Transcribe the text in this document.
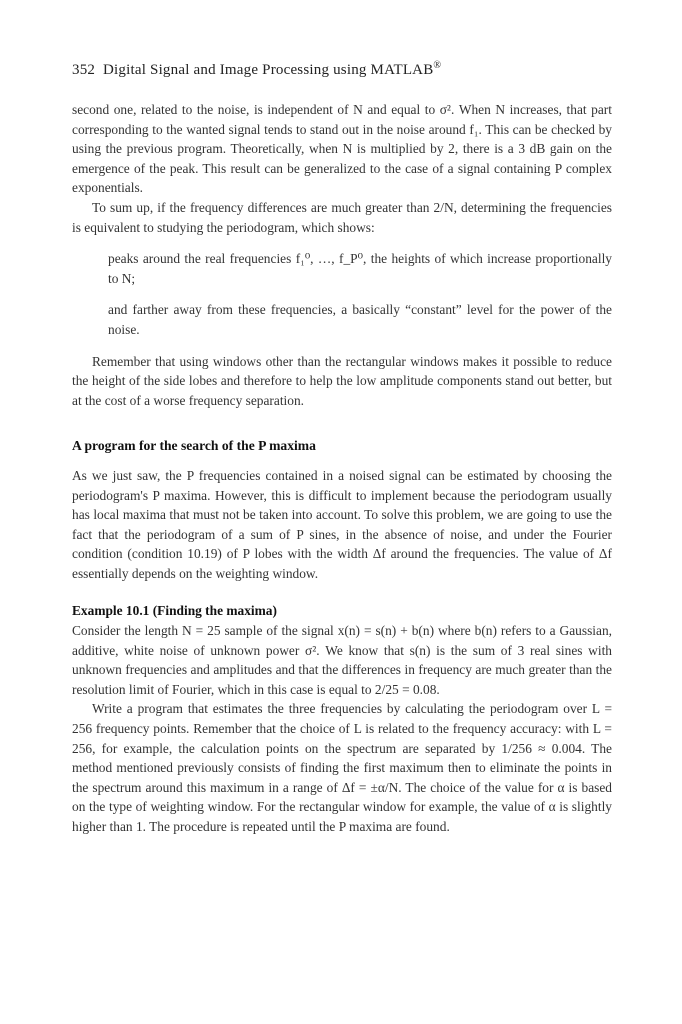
352 Digital Signal and Image Processing using MATLAB®

second one, related to the noise, is independent of N and equal to σ². When N increases, that part corresponding to the wanted signal tends to stand out in the noise around f₁. This can be checked by using the previous program. Theoretically, when N is multiplied by 2, there is a 3 dB gain on the emergence of the peak. This result can be generalized to the case of a signal containing P complex exponentials.

To sum up, if the frequency differences are much greater than 2/N, determining the frequencies is equivalent to studying the periodogram, which shows:

peaks around the real frequencies f₁⁰, …, f_P⁰, the heights of which increase proportionally to N;

and farther away from these frequencies, a basically “constant” level for the power of the noise.

Remember that using windows other than the rectangular windows makes it possible to reduce the height of the side lobes and therefore to help the low amplitude components stand out better, but at the cost of a worse frequency separation.

A program for the search of the P maxima

As we just saw, the P frequencies contained in a noised signal can be estimated by choosing the periodogram's P maxima. However, this is difficult to implement because the periodogram usually has local maxima that must not be taken into account. To solve this problem, we are going to use the fact that the periodogram of a sum of P sines, in the absence of noise, and under the Fourier condition (condition 10.19) of P lobes with the width Δf around the frequencies. The value of Δf essentially depends on the weighting window.

Example 10.1 (Finding the maxima)

Consider the length N = 25 sample of the signal x(n) = s(n) + b(n) where b(n) refers to a Gaussian, additive, white noise of unknown power σ². We know that s(n) is the sum of 3 real sines with unknown frequencies and amplitudes and that the differences in frequency are much greater than the resolution limit of Fourier, which in this case is equal to 2/25 = 0.08.

Write a program that estimates the three frequencies by calculating the periodogram over L = 256 frequency points. Remember that the choice of L is related to the frequency accuracy: with L = 256, for example, the calculation points on the spectrum are separated by 1/256 ≈ 0.004. The method mentioned previously consists of finding the first maximum then to eliminate the points in the spectrum around this maximum in a range of Δf = ±α/N. The choice of the value for α is based on the type of weighting window. For the rectangular window for example, the value of α is slightly higher than 1. The procedure is repeated until the P maxima are found.
